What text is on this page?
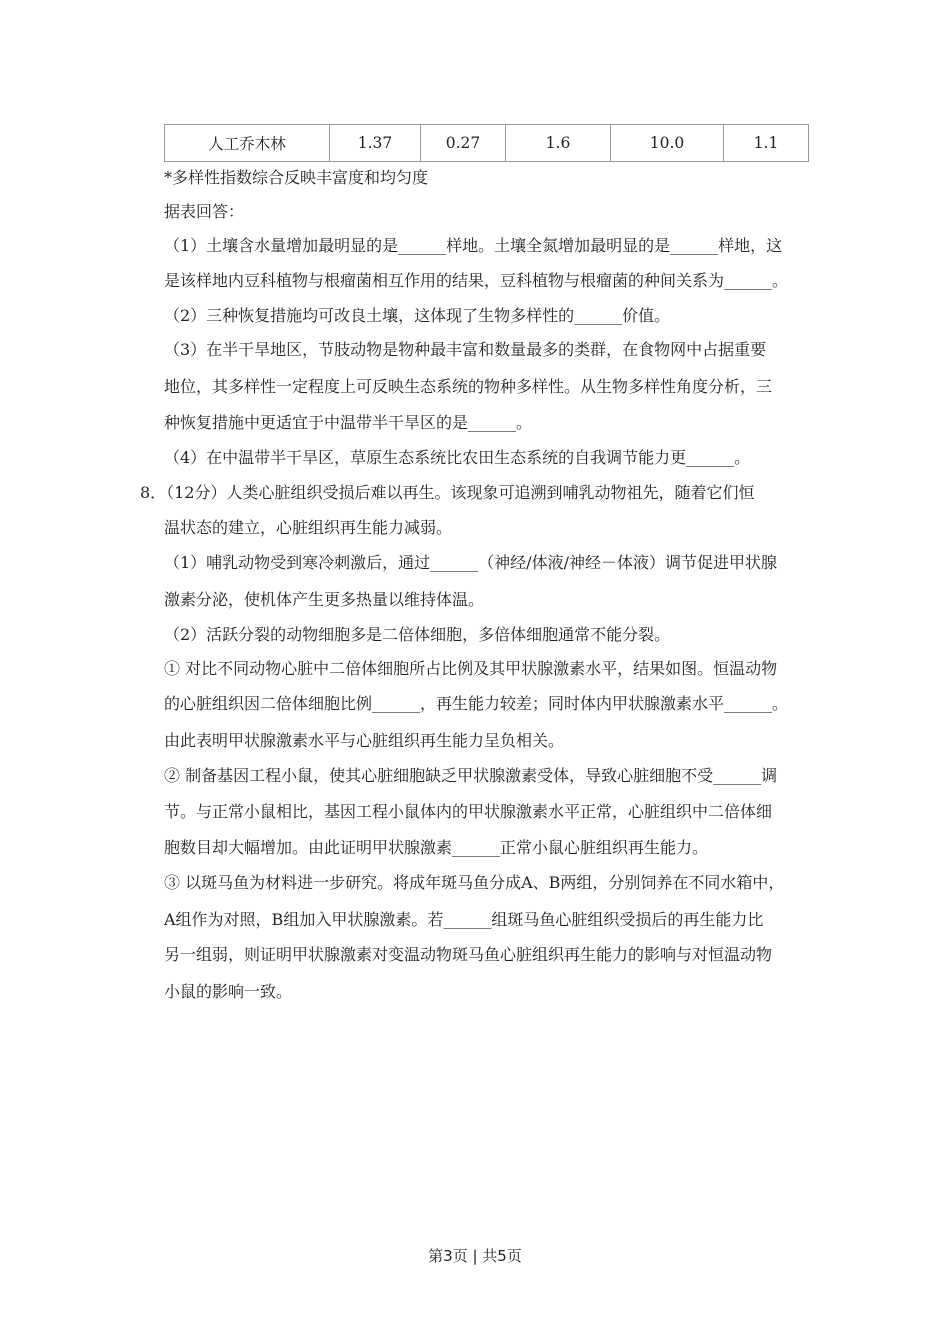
人工乔木林	1.37	0.27	1.6	10.0	1.1
*多样性指数综合反映丰富度和均匀度
据表回答：
（1）土壤含水量增加最明显的是______样地。土壤全氮增加最明显的是______样地，这
是该样地内豆科植物与根瘤菌相互作用的结果，豆科植物与根瘤菌的种间关系为______。
（2）三种恢复措施均可改良土壤，这体现了生物多样性的______价值。
（3）在半干旱地区，节肢动物是物种最丰富和数量最多的类群，在食物网中占据重要
地位，其多样性一定程度上可反映生态系统的物种多样性。从生物多样性角度分析，三
种恢复措施中更适宜于中温带半干旱区的是______。
（4）在中温带半干旱区，草原生态系统比农田生态系统的自我调节能力更______。
8．（12分）人类心脏组织受损后难以再生。该现象可追溯到哺乳动物祖先，随着它们恒
温状态的建立，心脏组织再生能力减弱。
（1）哺乳动物受到寒冷刺激后，通过______（神经/体液/神经－体液）调节促进甲状腺
激素分泌，使机体产生更多热量以维持体温。
（2）活跃分裂的动物细胞多是二倍体细胞，多倍体细胞通常不能分裂。
① 对比不同动物心脏中二倍体细胞所占比例及其甲状腺激素水平，结果如图。恒温动物
的心脏组织因二倍体细胞比例______，再生能力较差；同时体内甲状腺激素水平______。
由此表明甲状腺激素水平与心脏组织再生能力呈负相关。
② 制备基因工程小鼠，使其心脏细胞缺乏甲状腺激素受体，导致心脏细胞不受______调
节。与正常小鼠相比，基因工程小鼠体内的甲状腺激素水平正常，心脏组织中二倍体细
胞数目却大幅增加。由此证明甲状腺激素______正常小鼠心脏组织再生能力。
③ 以斑马鱼为材料进一步研究。将成年斑马鱼分成A、B两组，分别饲养在不同水箱中，
A组作为对照，B组加入甲状腺激素。若______组斑马鱼心脏组织受损后的再生能力比
另一组弱，则证明甲状腺激素对变温动物斑马鱼心脏组织再生能力的影响与对恒温动物
小鼠的影响一致。
第3页 | 共5页
